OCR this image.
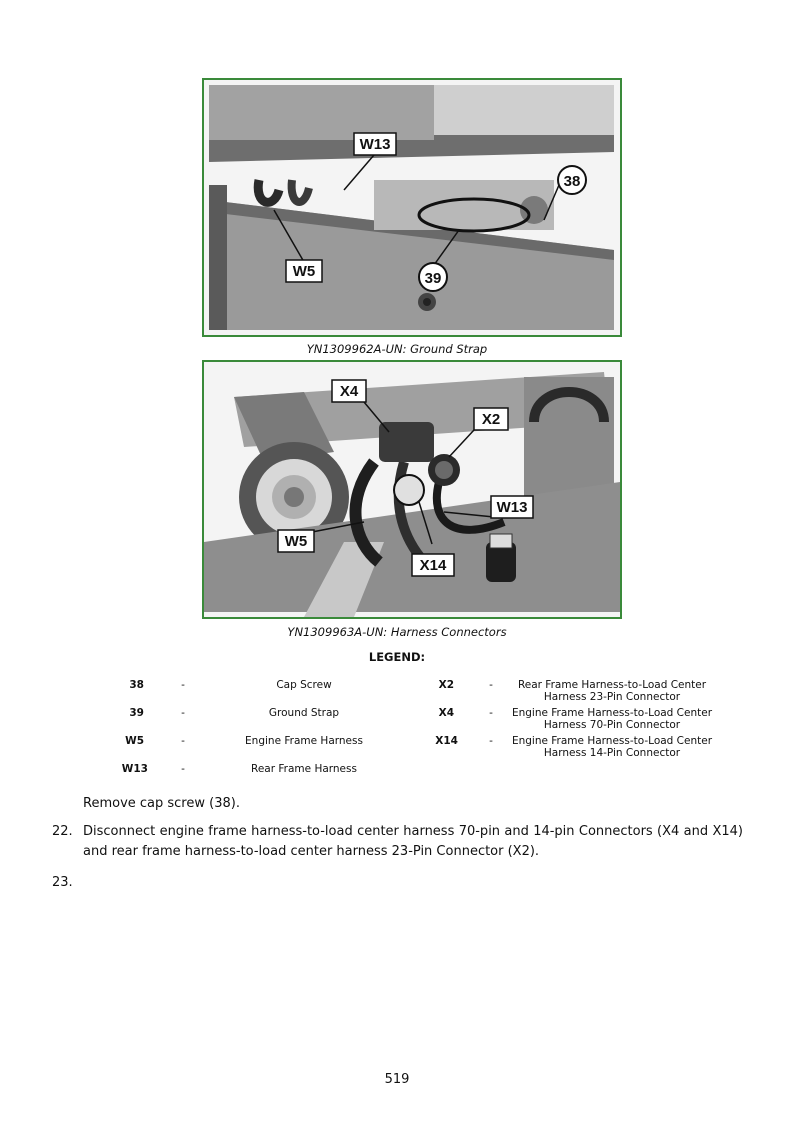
W13
38
W5	39
YN1309962A-UN: Ground Strap
X4
X2
W13
W5
X14
YN1309963A-UN: Harness Connectors
LEGEND:
38	-	Cap Screw
39	-	Ground Strap
W5	-	Engine Frame Harness
W13	-	Rear Frame Harness
X2	-	Rear Frame Harness-to-Load Center
Harness 23-Pin Connector
X4	-	Engine Frame Harness-to-Load Center
Harness 70-Pin Connector
X14	-	Engine Frame Harness-to-Load Center
Harness 14-Pin Connector
Remove cap screw (38).
22. Disconnect engine frame harness-to-load center harness 70-pin and 14-pin Connectors (X4 and X14) and rear frame harness-to-load center harness 23-Pin Connector (X2).
23.
519
